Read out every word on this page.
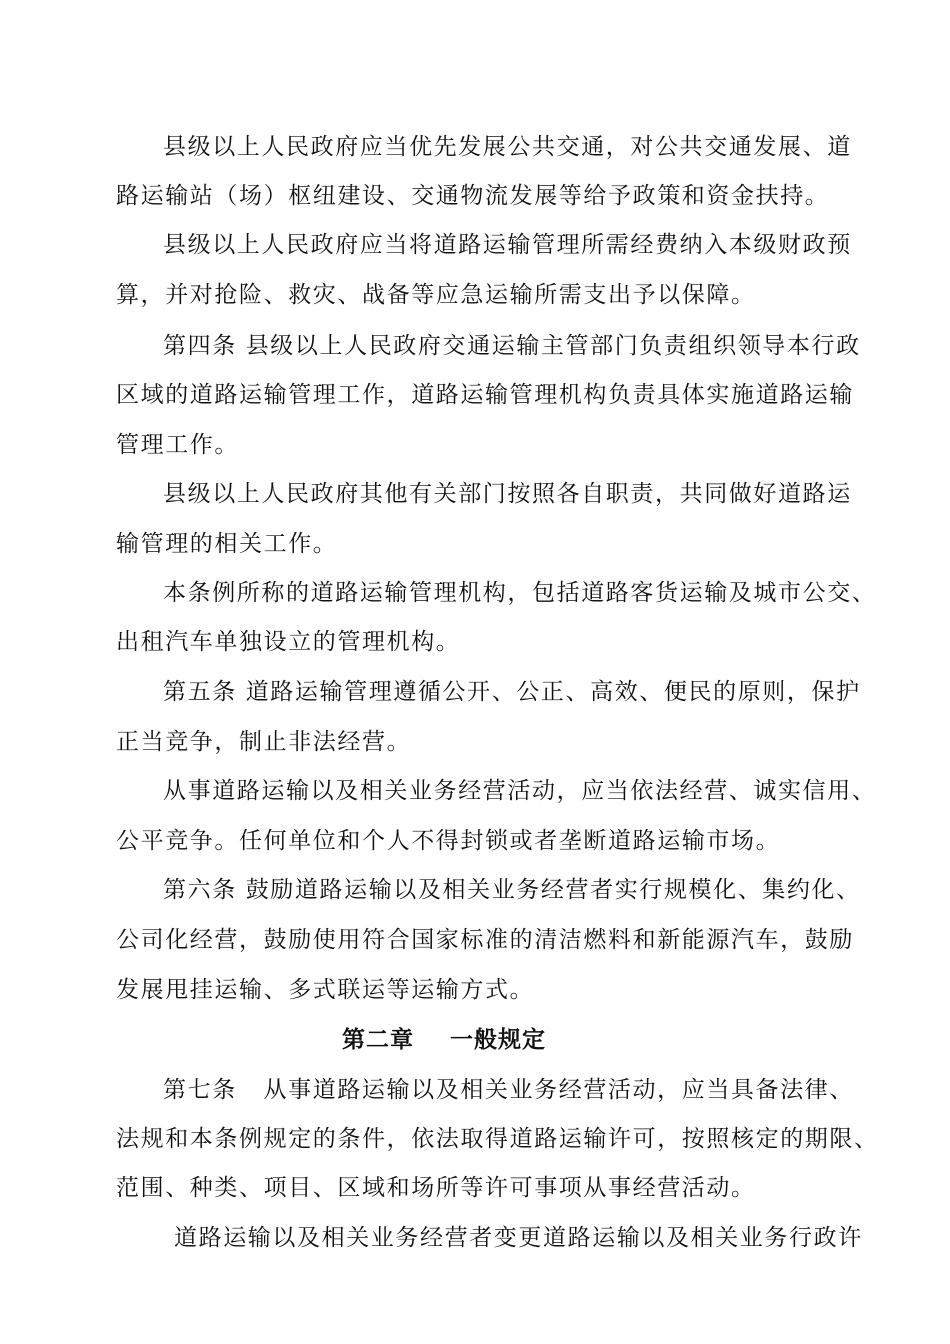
县级以上人民政府应当优先发展公共交通，对公共交通发展、道
路运输站（场）枢纽建设、交通物流发展等给予政策和资金扶持。
县级以上人民政府应当将道路运输管理所需经费纳入本级财政预
算，并对抢险、救灾、战备等应急运输所需支出予以保障。
第四条 县级以上人民政府交通运输主管部门负责组织领导本行政
区域的道路运输管理工作，道路运输管理机构负责具体实施道路运输
管理工作。
县级以上人民政府其他有关部门按照各自职责，共同做好道路运
输管理的相关工作。
本条例所称的道路运输管理机构，包括道路客货运输及城市公交、
出租汽车单独设立的管理机构。
第五条 道路运输管理遵循公开、公正、高效、便民的原则，保护
正当竞争，制止非法经营。
从事道路运输以及相关业务经营活动，应当依法经营、诚实信用、
公平竞争。任何单位和个人不得封锁或者垄断道路运输市场。
第六条 鼓励道路运输以及相关业务经营者实行规模化、集约化、
公司化经营，鼓励使用符合国家标准的清洁燃料和新能源汽车，鼓励
发展甩挂运输、多式联运等运输方式。
第二章    一般规定
第七条   从事道路运输以及相关业务经营活动，应当具备法律、
法规和本条例规定的条件，依法取得道路运输许可，按照核定的期限、
范围、种类、项目、区域和场所等许可事项从事经营活动。
道路运输以及相关业务经营者变更道路运输以及相关业务行政许
